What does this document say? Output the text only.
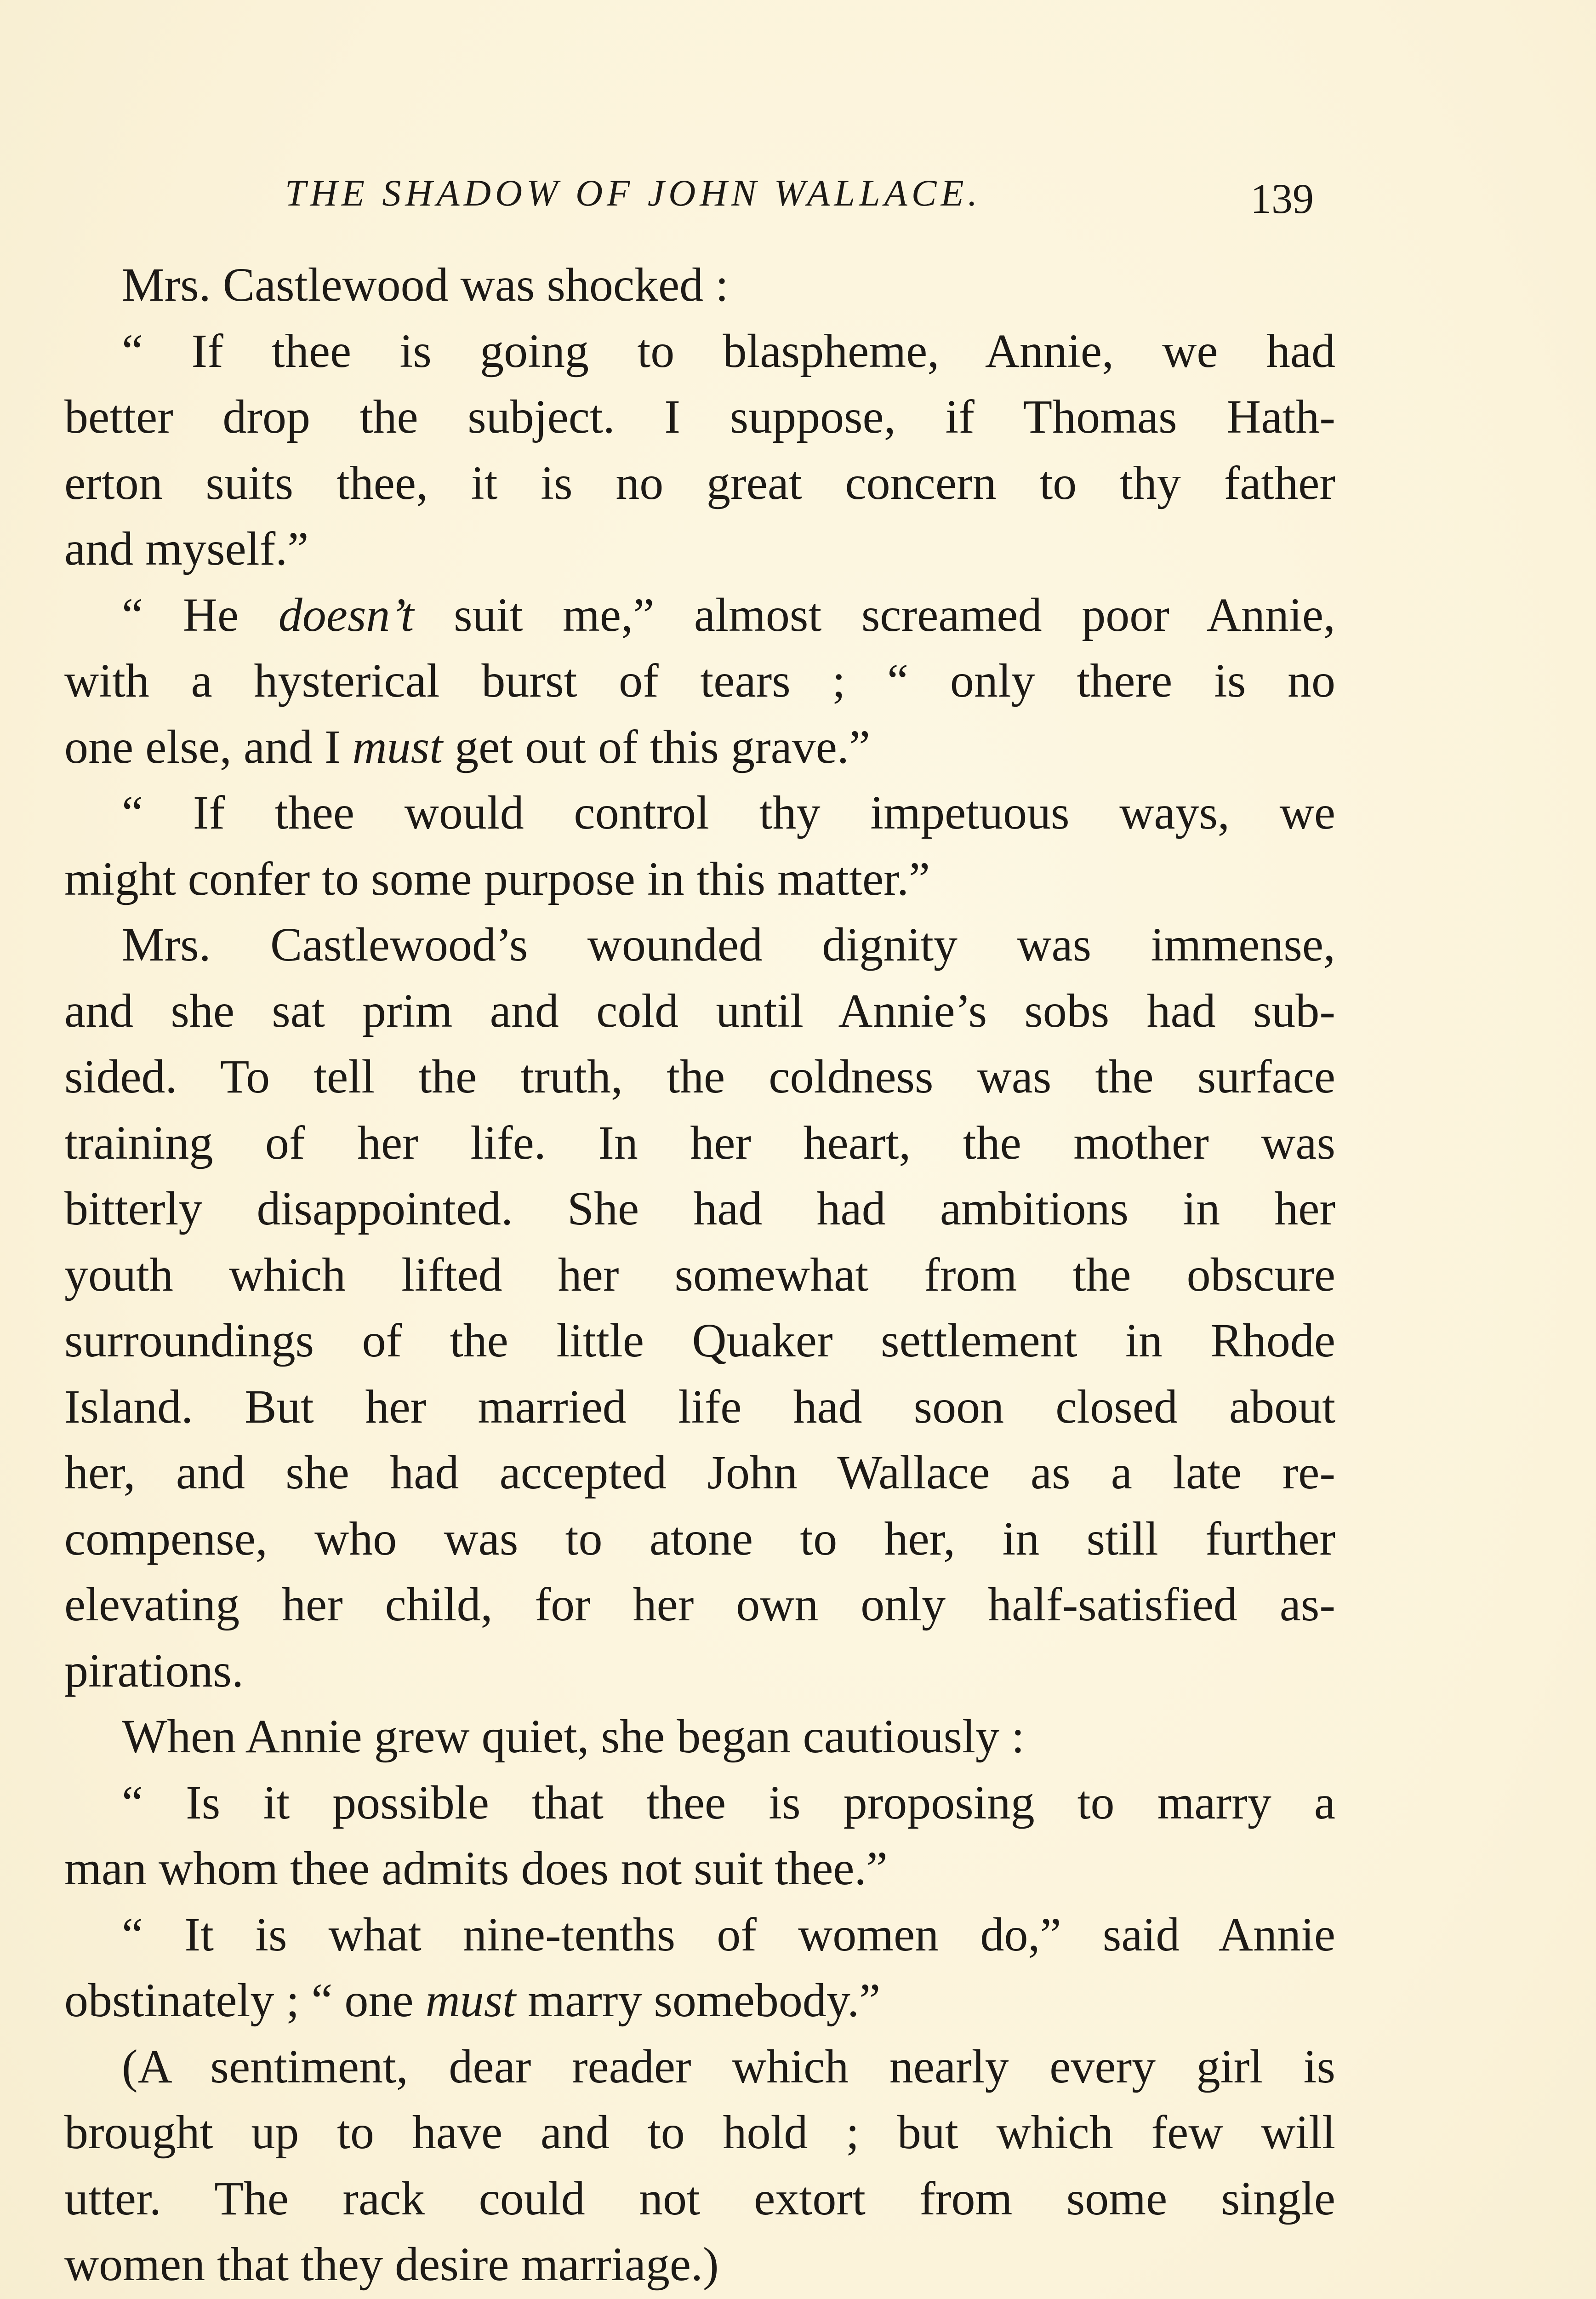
THE SHADOW OF JOHN WALLACE.	139
Mrs. Castlewood was shocked :
“ If thee is going to blaspheme, Annie, we had
better drop the subject. I suppose, if Thomas Hath-
erton suits thee, it is no great concern to thy father
and myself.”
“ He doesn’t suit me,” almost screamed poor Annie,
with a hysterical burst of tears ; “ only there is no
one else, and I must get out of this grave.”
“ If thee would control thy impetuous ways, we
might confer to some purpose in this matter.”
Mrs. Castlewood’s wounded dignity was immense,
and she sat prim and cold until Annie’s sobs had sub-
sided. To tell the truth, the coldness was the surface
training of her life. In her heart, the mother was
bitterly disappointed. She had had ambitions in her
youth which lifted her somewhat from the obscure
surroundings of the little Quaker settlement in Rhode
Island. But her married life had soon closed about
her, and she had accepted John Wallace as a late re-
compense, who was to atone to her, in still further
elevating her child, for her own only half-satisfied as-
pirations.
When Annie grew quiet, she began cautiously :
“ Is it possible that thee is proposing to marry a
man whom thee admits does not suit thee.”
“ It is what nine-tenths of women do,” said Annie
obstinately ; “ one must marry somebody.”
(A sentiment, dear reader which nearly every girl is
brought up to have and to hold ; but which few will
utter. The rack could not extort from some single
women that they desire marriage.)
